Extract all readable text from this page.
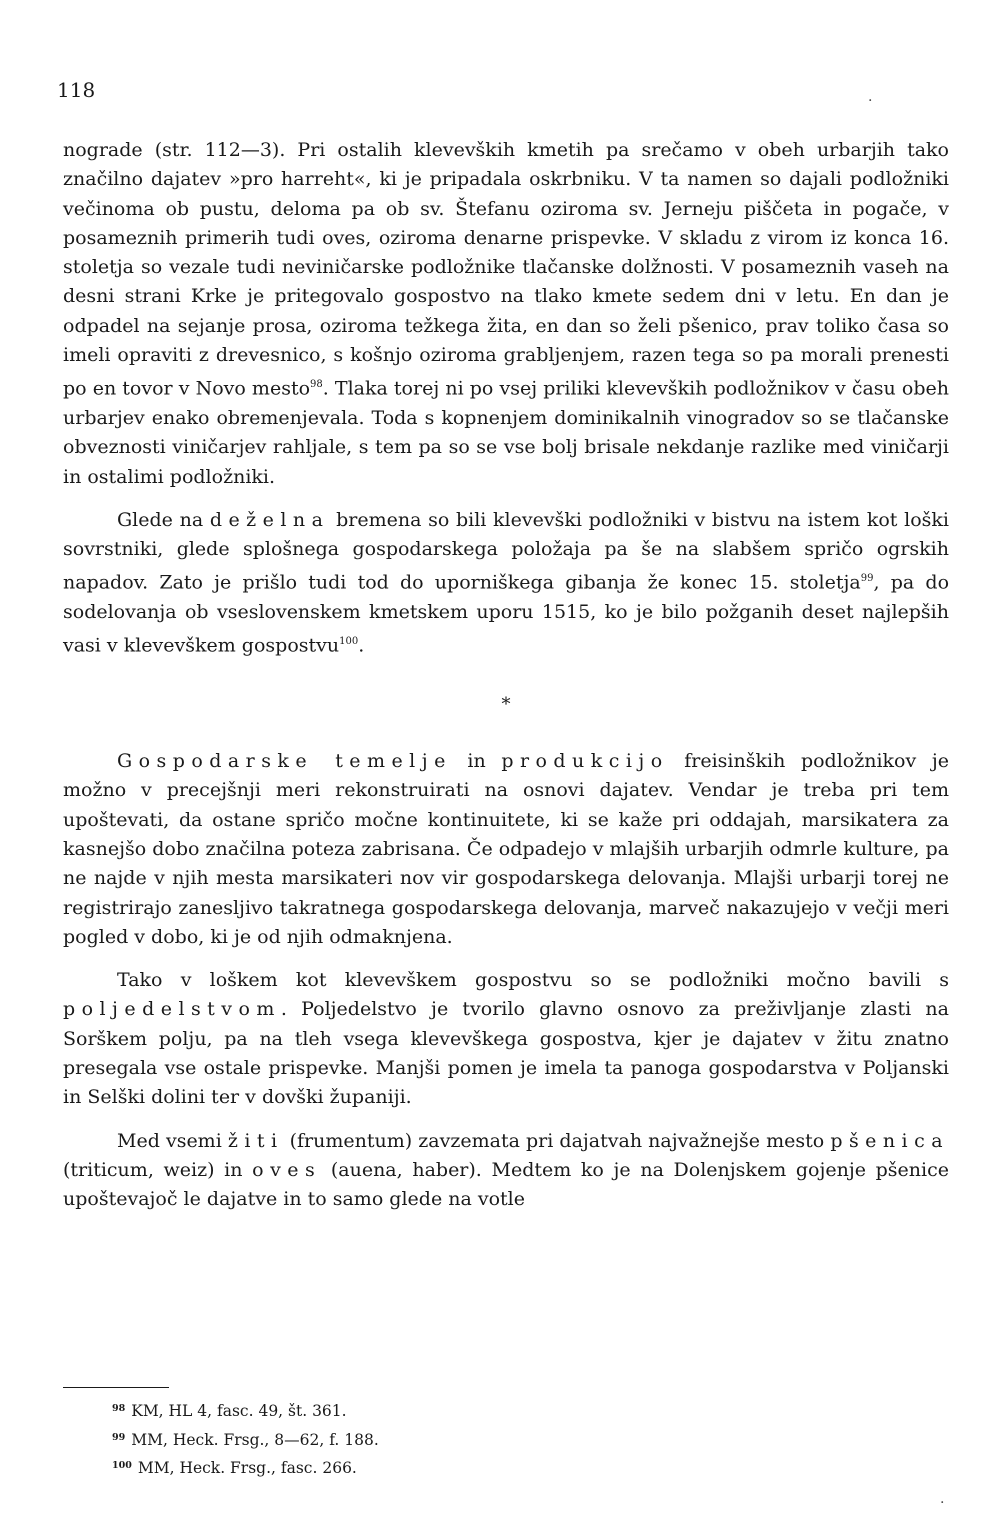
118

nograde (str. 112—3). Pri ostalih klevevških kmetih pa srečamo v obeh urbarjih tako značilno dajatev »pro harreht«, ki je pripadala oskrbniku. V ta namen so dajali podložniki večinoma ob pustu, deloma pa ob sv. Štefanu oziroma sv. Jerneju piščeta in pogače, v posameznih primerih tudi oves, oziroma denarne prispevke. V skladu z virom iz konca 16. stoletja so vezale tudi neviničarske podložnike tlačanske dolžnosti. V posameznih vaseh na desni strani Krke je pritegovalo gospostvo na tlako kmete sedem dni v letu. En dan je odpadel na sejanje prosa, oziroma težkega žita, en dan so želi pšenico, prav toliko časa so imeli opraviti z drevesnico, s košnjo oziroma grabljenjem, razen tega so pa morali prenesti po en tovor v Novo mesto$^{98}$. Tlaka torej ni po vsej priliki klevevških podložnikov v času obeh urbarjev enako obremenjevala. Toda s kopnenjem dominikalnih vinogradov so se tlačanske obveznosti viničarjev rahljale, s tem pa so se vse bolj brisale nekdanje razlike med viničarji in ostalimi podložniki.

Glede na deželna bremena so bili klevevški podložniki v bistvu na istem kot loški sovrstniki, glede splošnega gospodarskega položaja pa še na slabšem spričo ogrskih napadov. Zato je prišlo tudi tod do uporniškega gibanja že konec 15. stoletja$^{99}$, pa do sodelovanja ob vseslovenskem kmetskem uporu 1515, ko je bilo požganih deset najlepših vasi v klevevškem gospostvu$^{100}$.

*

Gospodarske temelje in produkcijo freisinških podložnikov je možno v precejšnji meri rekonstruirati na osnovi dajatev. Vendar je treba pri tem upoštevati, da ostane spričo močne kontinuitete, ki se kaže pri oddajah, marsikatera za kasnejšo dobo značilna poteza zabrisana. Če odpadejo v mlajših urbarjih odmrle kulture, pa ne najde v njih mesta marsikateri nov vir gospodarskega delovanja. Mlajši urbarji torej ne registrirajo zanesljivo takratnega gospodarskega delovanja, marveč nakazujejo v večji meri pogled v dobo, ki je od njih odmaknjena.

Tako v loškem kot klevevškem gospostvu so se podložniki močno bavili s poljedelstvom. Poljedelstvo je tvorilo glavno osnovo za preživljanje zlasti na Sorškem polju, pa na tleh vsega klevevškega gospostva, kjer je dajatev v žitu znatno presegala vse ostale prispevke. Manjši pomen je imela ta panoga gospodarstva v Poljanski in Selški dolini ter v dovški županiji.

Med vsemi žiti (frumentum) zavzemata pri dajatvah najvažnejše mesto pšenica (triticum, weiz) in oves (auena, haber). Medtem ko je na Dolenjskem gojenje pšenice upoštevajoč le dajatve in to samo glede na votle

$^{98}$ KM, HL 4, fasc. 49, št. 361.
$^{99}$ MM, Heck. Frsg., 8—62, f. 188.
$^{100}$ MM, Heck. Frsg., fasc. 266.
.
.
